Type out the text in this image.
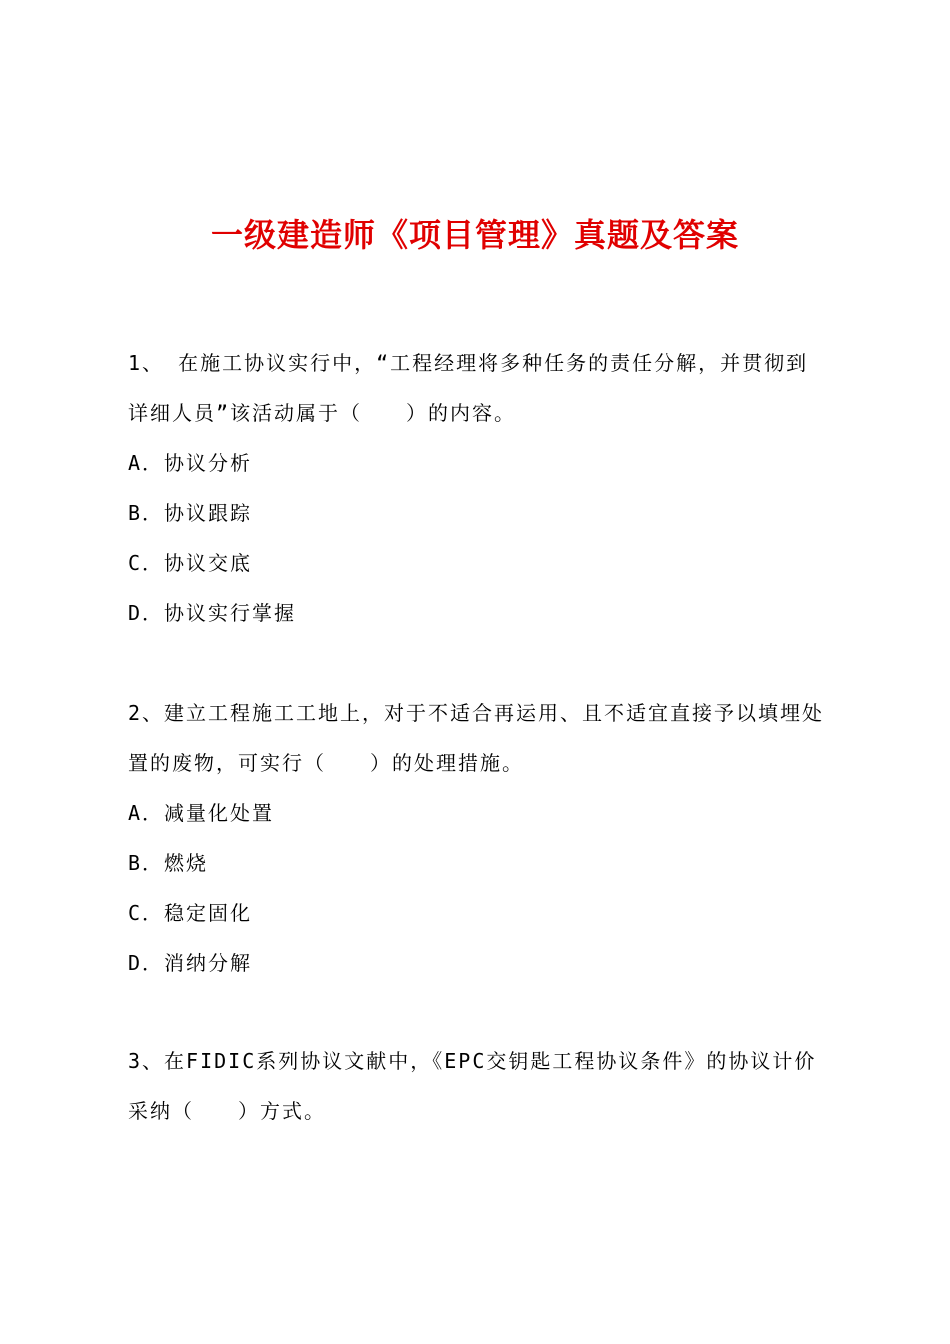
一级建造师《项目管理》真题及答案
1、 在施工协议实行中，“工程经理将多种任务的责任分解，并贯彻到
详细人员”该活动属于（　　）的内容。
A．协议分析
B．协议跟踪
C．协议交底
D．协议实行掌握
2、建立工程施工工地上，对于不适合再运用、且不适宜直接予以填埋处
置的废物，可实行（　　）的处理措施。
A．减量化处置
B．燃烧
C．稳定固化
D．消纳分解
3、在FIDIC系列协议文献中，《EPC交钥匙工程协议条件》的协议计价
采纳（　　）方式。
